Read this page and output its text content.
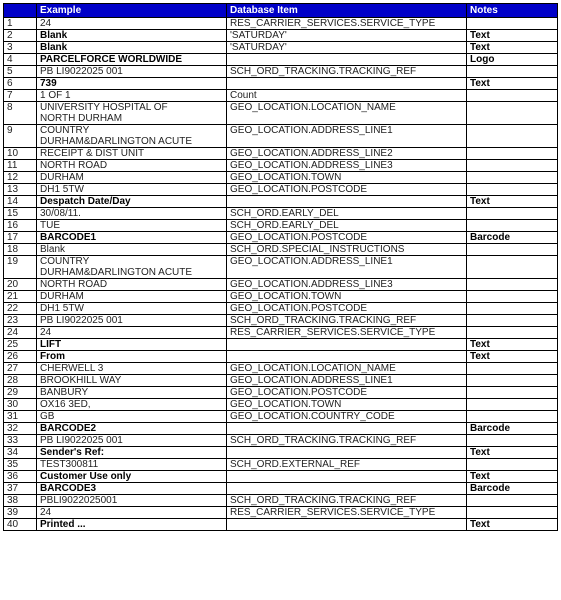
	Example	Database Item	Notes
1	24	RES_CARRIER_SERVICES.SERVICE_TYPE	
2	Blank	'SATURDAY'	Text
3	Blank	'SATURDAY'	Text
4	PARCELFORCE WORLDWIDE		Logo
5	PB LI9022025 001	SCH_ORD_TRACKING.TRACKING_REF	
6	739		Text
7	1 OF 1	Count	
8	UNIVERSITY HOSPITAL OF
NORTH DURHAM	GEO_LOCATION.LOCATION_NAME	
9	COUNTRY
DURHAM&DARLINGTON ACUTE	GEO_LOCATION.ADDRESS_LINE1	
10	RECEIPT & DIST UNIT	GEO_LOCATION.ADDRESS_LINE2	
11	NORTH ROAD	GEO_LOCATION.ADDRESS_LINE3	
12	DURHAM	GEO_LOCATION.TOWN	
13	DH1 5TW	GEO_LOCATION.POSTCODE	
14	Despatch Date/Day		Text
15	30/08/11.	SCH_ORD.EARLY_DEL	
16	TUE	SCH_ORD.EARLY_DEL	
17	BARCODE1	GEO_LOCATION.POSTCODE	Barcode
18	Blank	SCH_ORD.SPECIAL_INSTRUCTIONS	
19	COUNTRY
DURHAM&DARLINGTON ACUTE	GEO_LOCATION.ADDRESS_LINE1	
20	NORTH ROAD	GEO_LOCATION.ADDRESS_LINE3	
21	DURHAM	GEO_LOCATION.TOWN	
22	DH1 5TW	GEO_LOCATION.POSTCODE	
23	PB LI9022025 001	SCH_ORD_TRACKING.TRACKING_REF	
24	24	RES_CARRIER_SERVICES.SERVICE_TYPE	
25	LIFT		Text
26	From		Text
27	CHERWELL 3	GEO_LOCATION.LOCATION_NAME	
28	BROOKHILL WAY	GEO_LOCATION.ADDRESS_LINE1	
29	BANBURY	GEO_LOCATION.POSTCODE	
30	OX16 3ED,	GEO_LOCATION.TOWN	
31	GB	GEO_LOCATION.COUNTRY_CODE	
32	BARCODE2		Barcode
33	PB LI9022025 001	SCH_ORD_TRACKING.TRACKING_REF	
34	Sender's Ref:		Text
35	TEST300811	SCH_ORD.EXTERNAL_REF	
36	Customer Use only		Text
37	BARCODE3		Barcode
38	PBLI9022025001	SCH_ORD_TRACKING.TRACKING_REF	
39	24	RES_CARRIER_SERVICES.SERVICE_TYPE	
40	Printed ...		Text
